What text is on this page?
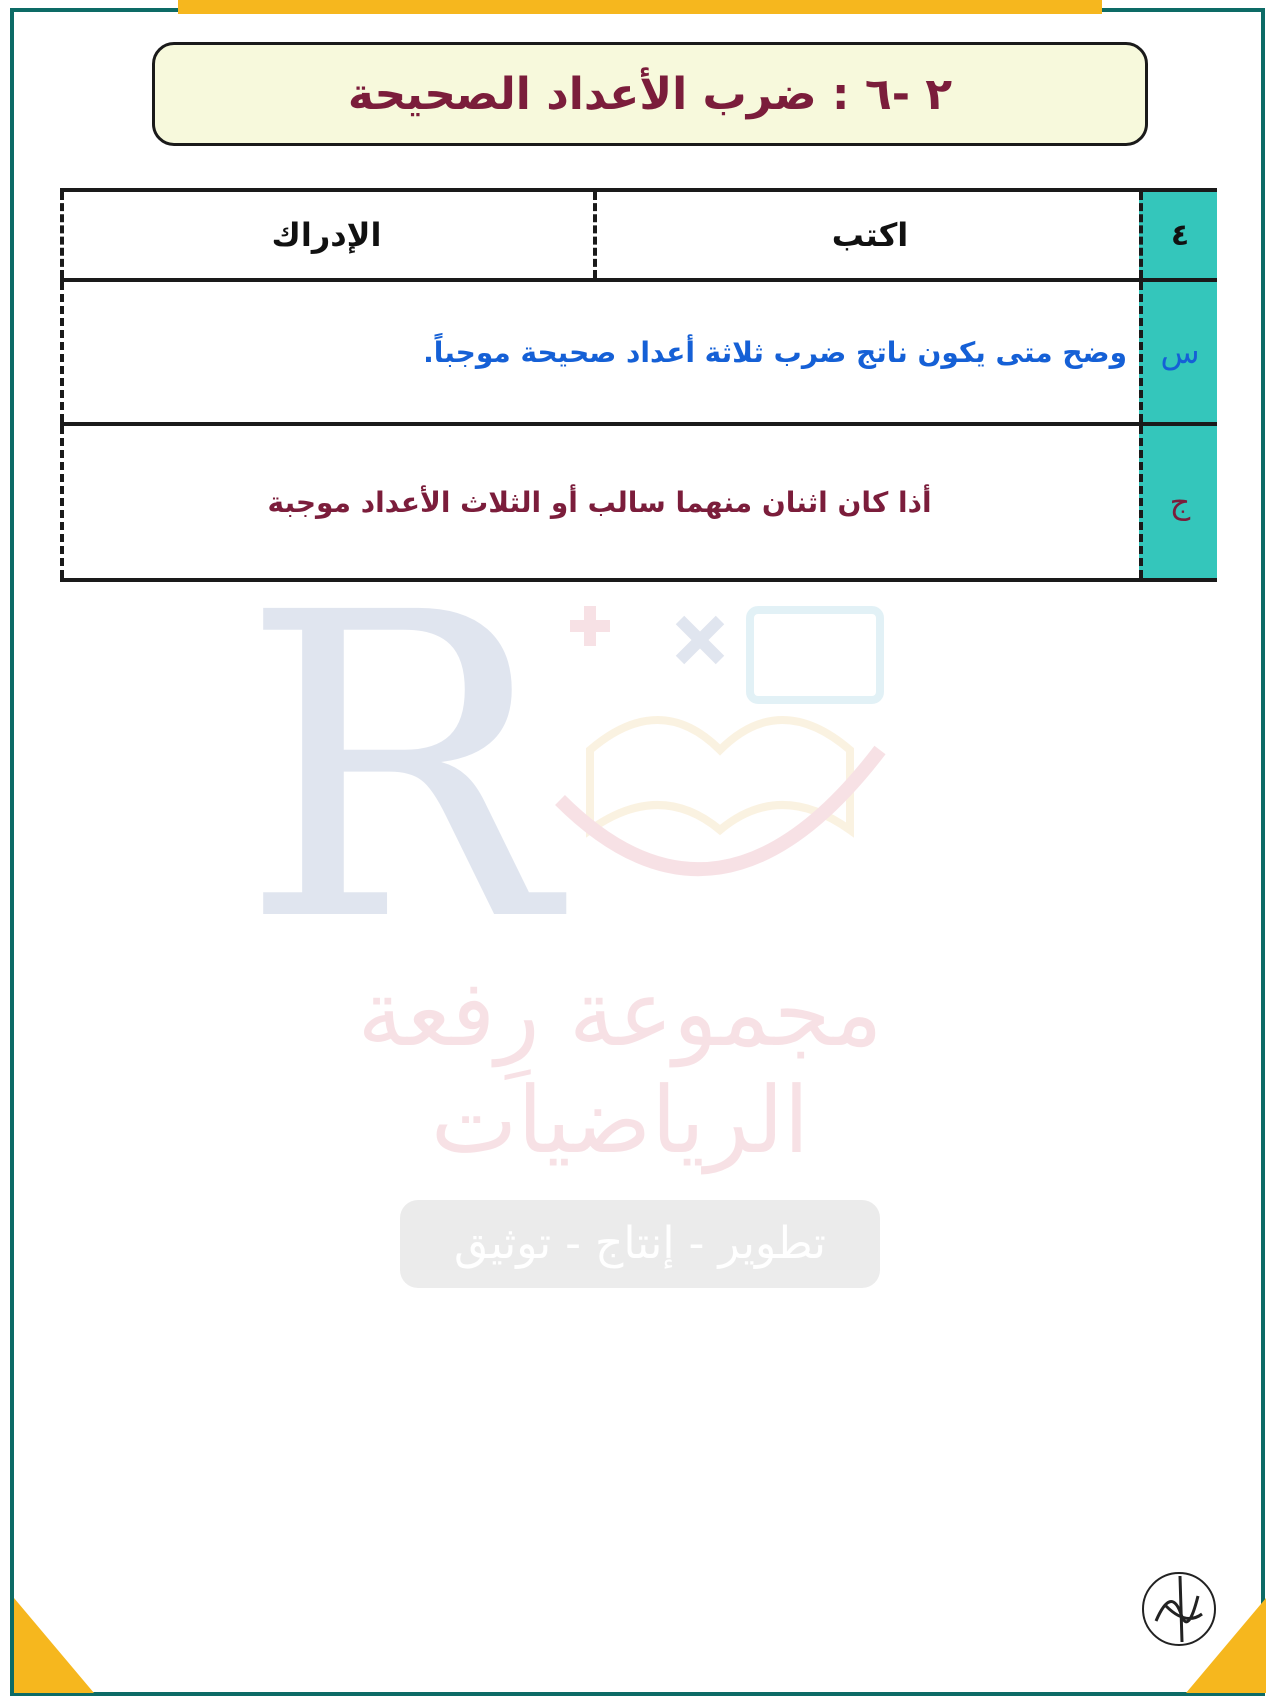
R
مجموعة رِفعة الرياضيات
تطوير - إنتاج - توثيق
٢ -٦ : ضرب الأعداد الصحيحة
٤
اكتب
الإدراك
س
وضح متى يكون ناتج ضرب ثلاثة أعداد صحيحة موجباً.
ج
أذا كان اثنان منهما سالب أو الثلاث الأعداد موجبة
